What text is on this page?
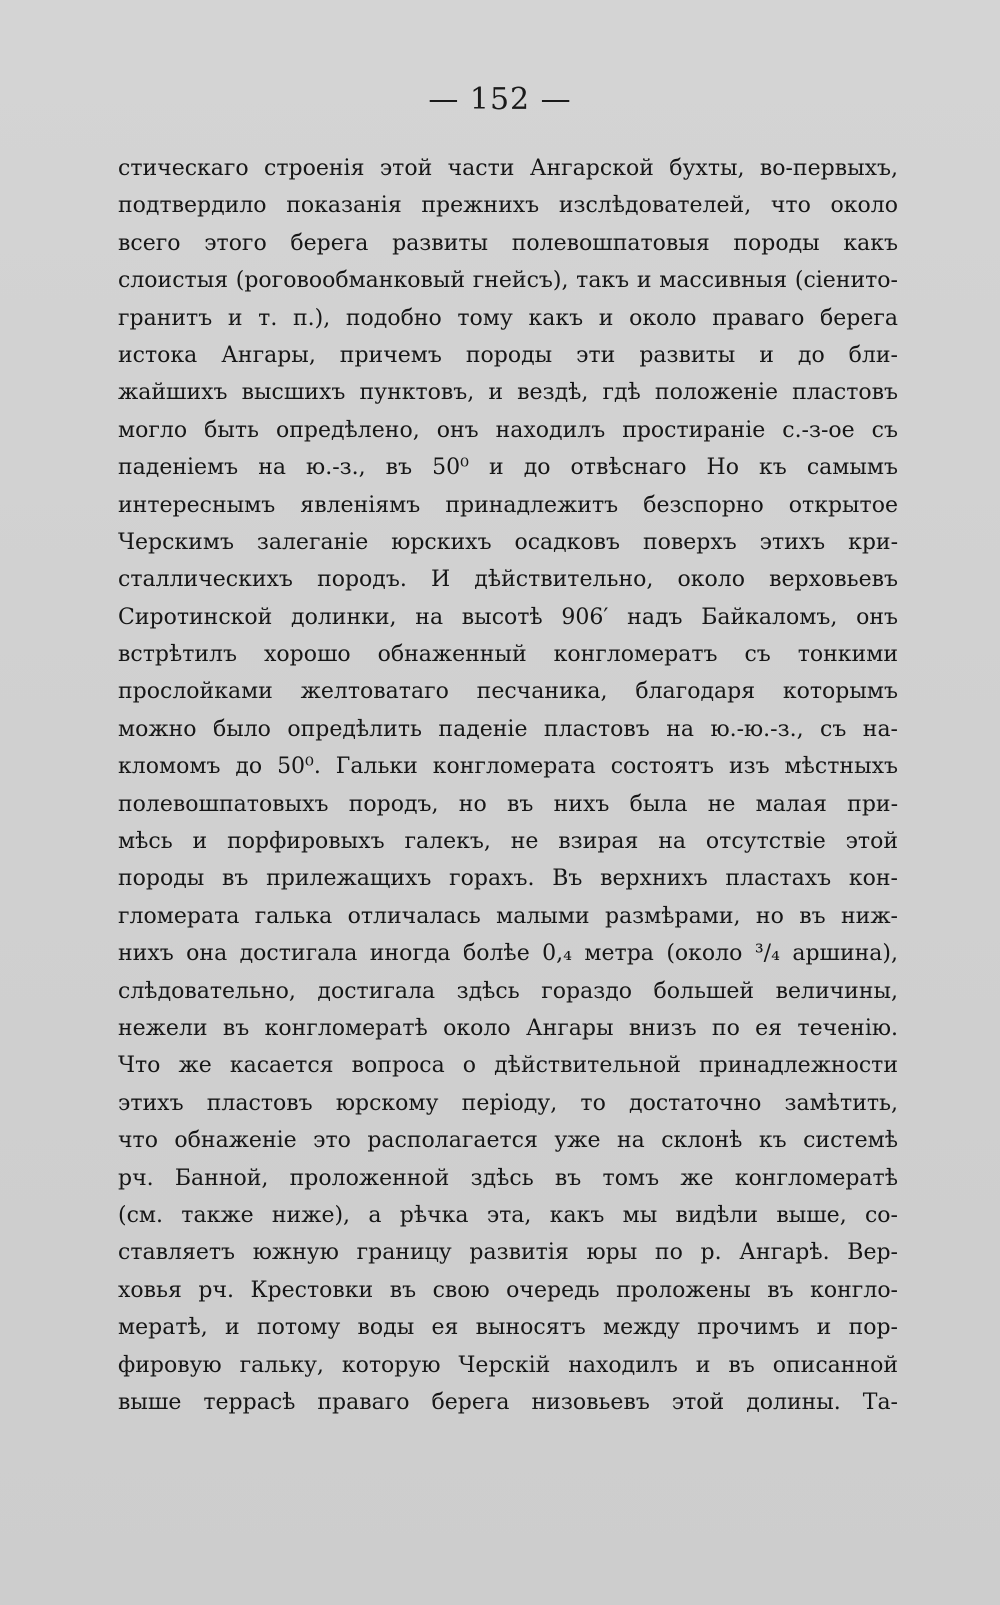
— 152 —
стическаго строенія этой части Ангарской бухты, во-первыхъ,
подтвердило показанія прежнихъ изслѣдователей, что около
всего этого берега развиты полевошпатовыя породы какъ
слоистыя (роговообманковый гнейсъ), такъ и массивныя (сіенито-
гранитъ и т. п.), подобно тому какъ и около праваго берега
истока Ангары, причемъ породы эти развиты и до бли-
жайшихъ высшихъ пунктовъ, и вездѣ, гдѣ положеніе пластовъ
могло быть опредѣлено, онъ находилъ простираніе с.-з-ое съ
паденіемъ на ю.-з., въ 50⁰ и до отвѣснаго Но къ самымъ
интереснымъ явленіямъ принадлежитъ безспорно открытое
Черскимъ залеганіе юрскихъ осадковъ поверхъ этихъ кри-
сталлическихъ породъ. И дѣйствительно, около верховьевъ
Сиротинской долинки, на высотѣ 906′ надъ Байкаломъ, онъ
встрѣтилъ хорошо обнаженный конгломератъ съ тонкими
прослойками желтоватаго песчаника, благодаря которымъ
можно было опредѣлить паденіе пластовъ на ю.-ю.-з., съ на-
кломомъ до 50⁰. Гальки конгломерата состоятъ изъ мѣстныхъ
полевошпатовыхъ породъ, но въ нихъ была не малая при-
мѣсь и порфировыхъ галекъ, не взирая на отсутствіе этой
породы въ прилежащихъ горахъ. Въ верхнихъ пластахъ кон-
гломерата галька отличалась малыми размѣрами, но въ ниж-
нихъ она достигала иногда болѣе 0,₄ метра (около ³/₄ аршина),
слѣдовательно, достигала здѣсь гораздо большей величины,
нежели въ конгломератѣ около Ангары внизъ по ея теченію.
Что же касается вопроса о дѣйствительной принадлежности
этихъ пластовъ юрскому періоду, то достаточно замѣтить,
что обнаженіе это располагается уже на склонѣ къ системѣ
рч. Банной, проложенной здѣсь въ томъ же конгломератѣ
(см. также ниже), а рѣчка эта, какъ мы видѣли выше, со-
ставляетъ южную границу развитія юры по р. Ангарѣ. Вер-
ховья рч. Крестовки въ свою очередь проложены въ конгло-
мератѣ, и потому воды ея выносятъ между прочимъ и пор-
фировую гальку, которую Черскій находилъ и въ описанной
выше террасѣ праваго берега низовьевъ этой долины. Та-
